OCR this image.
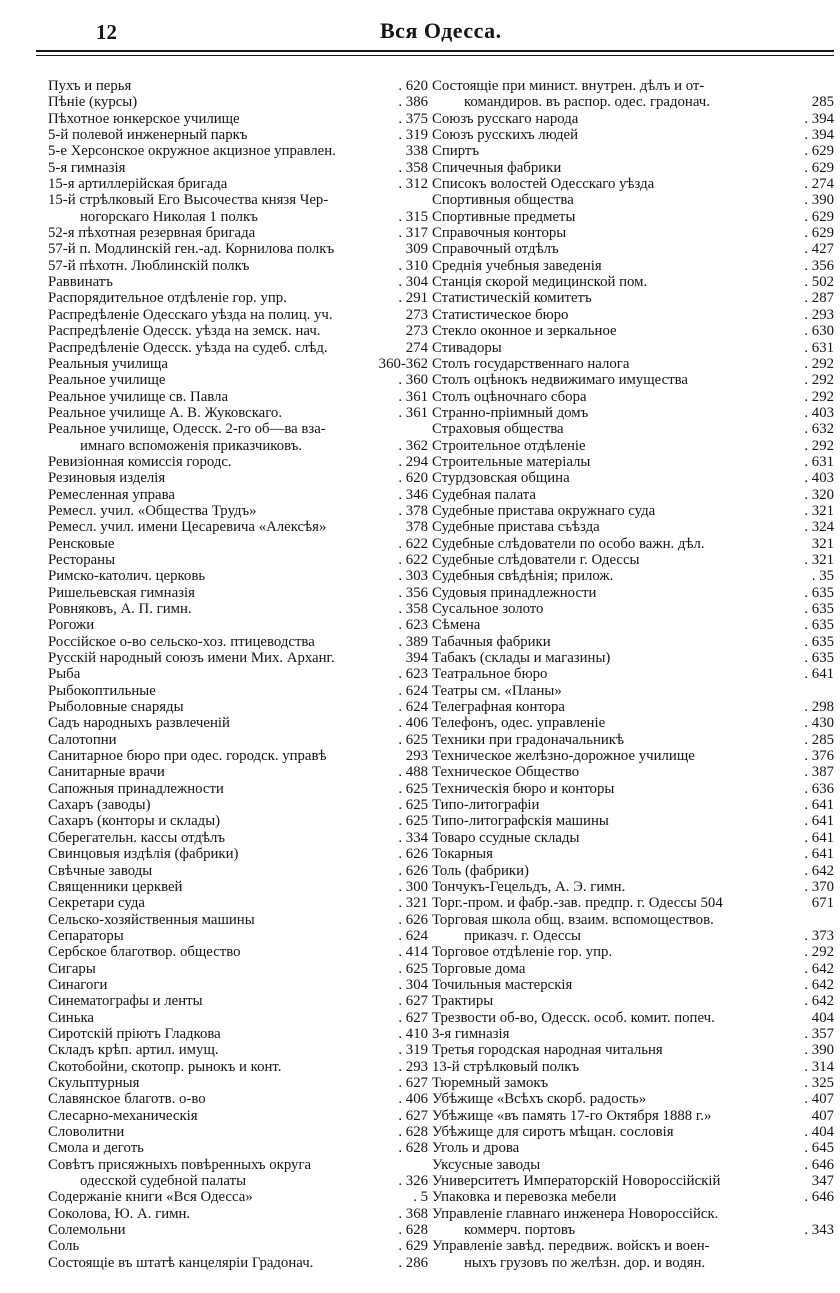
12	Вся Одесса.
Пухъ и перья	. 620
Пѣніе (курсы)	. 386
Пѣхотное юнкерское училище	. 375
5-й полевой инженерный паркъ	. 319
5-е Херсонское окружное акцизное управлен.	338
5-я гимназія	. 358
15-я артиллерійская бригада	. 312
15-й стрѣлковый Его Высочества князя Чер-
ногорскаго Николая 1 полкъ	. 315
52-я пѣхотная резервная бригада	. 317
57-й п. Модлинскій ген.-ад. Корнилова полкъ	309
57-й пѣхотн. Люблинскій полкъ	. 310
Раввинатъ	. 304
Распорядительное отдѣленіе гор. упр.	. 291
Распредѣленіе Одесскаго уѣзда на полиц. уч.	273
Распредѣленіе Одесск. уѣзда на земск. нач.	273
Распредѣленіе Одесск. уѣзда на судеб. слѣд.	274
Реальныя училища	360-362
Реальное училище	. 360
Реальное училище св. Павла	. 361
Реальное училище А. В. Жуковскаго.	. 361
Реальное училище, Одесск. 2-го об—ва вза-
имнаго вспоможенія приказчиковъ.	. 362
Ревизіонная комиссія городс.	. 294
Резиновыя изделія	. 620
Ремесленная управа	. 346
Ремесл. учил. «Общества Трудъ»	. 378
Ремесл. учил. имени Цесаревича «Алексѣя»	378
Ренсковые	. 622
Рестораны	. 622
Римско-католич. церковь	. 303
Ришельевская гимназія	. 356
Ровняковъ, А. П. гимн.	. 358
Рогожи	. 623
Россійское о-во сельско-хоз. птицеводства	. 389
Русскій народный союзъ имени Мих. Арханг.	394
Рыба	. 623
Рыбокоптильные	. 624
Рыболовные снаряды	. 624
Садъ народныхъ развлеченій	. 406
Салотопни	. 625
Санитарное бюро при одес. городск. управѣ	293
Санитарные врачи	. 488
Сапожныя принадлежности	. 625
Сахаръ (заводы)	. 625
Сахаръ (конторы и склады)	. 625
Сберегательн. кассы отдѣлъ	. 334
Свинцовыя издѣлія (фабрики)	. 626
Свѣчные заводы	. 626
Священники церквей	. 300
Секретари суда	. 321
Сельско-хозяйственныя машины	. 626
Сепараторы	. 624
Сербское благотвор. общество	. 414
Сигары	. 625
Синагоги	. 304
Синематографы и ленты	. 627
Синька	. 627
Сиротскій пріютъ Гладкова	. 410
Складъ крѣп. артил. имущ.	. 319
Скотобойни, скотопр. рынокъ и конт.	. 293
Скульптурныя	. 627
Славянское благотв. о-во	. 406
Слесарно-механическія	. 627
Словолитни	. 628
Смола и деготь	. 628
Совѣтъ присяжныхъ повѣренныхъ округа
одесской судебной палаты	. 326
Содержаніе книги «Вся Одесса»	. 5
Соколова, Ю. А. гимн.	. 368
Солемольни	. 628
Соль	. 629
Состоящіе въ штатѣ канцеляріи Градонач.	. 286
Состоящіе при минист. внутрен. дѣлъ и от-
командиров. въ распор. одес. градонач.	285
Союзъ русскаго народа	. 394
Союзъ русскихъ людей	. 394
Спиртъ	. 629
Спичечныя фабрики	. 629
Списокъ волостей Одесскаго уѣзда	. 274
Спортивныя общества	. 390
Спортивные предметы	. 629
Справочныя конторы	. 629
Справочный отдѣлъ	. 427
Среднія учебныя заведенія	. 356
Станція скорой медицинской пом.	. 502
Статистическій комитетъ	. 287
Статистическое бюро	. 293
Стекло оконное и зеркальное	. 630
Стивадоры	. 631
Столъ государственнаго налога	. 292
Столъ оцѣнокъ недвижимаго имущества	. 292
Столъ оцѣночнаго сбора	. 292
Странно-пріимный домъ	. 403
Страховыя общества	. 632
Строительное отдѣленіе	. 292
Строительные матеріалы	. 631
Стурдзовская община	. 403
Судебная палата	. 320
Судебные пристава окружнаго суда	. 321
Судебные пристава съѣзда	. 324
Судебные слѣдователи по особо важн. дѣл.	321
Судебные слѣдователи г. Одессы	. 321
Судебныя свѣдѣнія; прилож.	. 35
Судовыя принадлежности	. 635
Сусальное золото	. 635
Сѣмена	. 635
Табачныя фабрики	. 635
Табакъ (склады и магазины)	. 635
Театральное бюро	. 641
Театры см. «Планы»
Телеграфная контора	. 298
Телефонъ, одес. управленіе	. 430
Техники при градоначальникѣ	. 285
Техническое желѣзно-дорожное училище	. 376
Техническое Общество	. 387
Техническія бюро и конторы	. 636
Типо-литографіи	. 641
Типо-литографскія машины	. 641
Товаро ссудные склады	. 641
Токарныя	. 641
Толь (фабрики)	. 642
Тончукъ-Гецельдъ, А. Э. гимн.	. 370
Торг.-пром. и фабр.-зав. предпр. г. Одессы 504	671
Торговая школа общ. взаим. вспомоществов.
приказч. г. Одессы	. 373
Торговое отдѣленіе гор. упр.	. 292
Торговые дома	. 642
Точильныя мастерскія	. 642
Трактиры	. 642
Трезвости об-во, Одесск. особ. комит. попеч.	404
3-я гимназія	. 357
Третья городская народная читальня	. 390
13-й стрѣлковый полкъ	. 314
Тюремный замокъ	. 325
Убѣжище «Всѣхъ скорб. радость»	. 407
Убѣжище «въ память 17-го Октября 1888 г.»	407
Убѣжище для сиротъ мѣщан. сословія	. 404
Уголь и дрова	. 645
Уксусные заводы	. 646
Университетъ Императорскій Новороссійскій	347
Упаковка и перевозка мебели	. 646
Управленіе главнаго инженера Новороссійск.
коммерч. портовъ	. 343
Управленіе завѣд. передвиж. войскъ и воен-
ныхъ грузовъ по желѣзн. дор. и водян.
